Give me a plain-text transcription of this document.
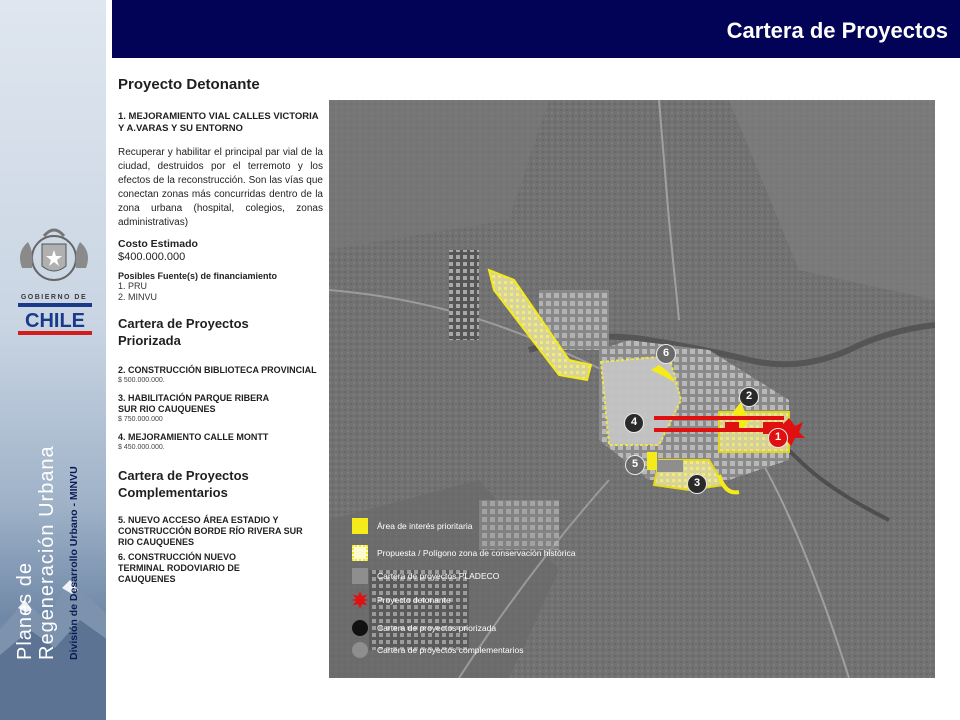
GOBIERNO DE
CHILE
Planes de Regeneración Urbana División de Desarrollo Urbano - MINVU
Cartera de Proyectos
Proyecto Detonante
1. MEJORAMIENTO VIAL CALLES VICTORIA Y A.VARAS Y SU ENTORNO
Recuperar y habilitar el principal par vial de la ciudad, destruidos por el terremoto y los efectos de la reconstrucción. Son las vías que conectan zonas más concurridas dentro de la zona urbana (hospital, colegios, zonas administrativas)
Costo Estimado
$400.000.000
Posibles Fuente(s) de financiamiento
1. PRU
2. MINVU
Cartera de Proyectos Priorizada
2. CONSTRUCCIÓN BIBLIOTECA PROVINCIAL
$ 500.000.000.
3. HABILITACIÓN PARQUE RIBERA SUR RIO CAUQUENES
$ 750.000.000
4. MEJORAMIENTO CALLE MONTT
$ 450.000.000.
Cartera de Proyectos Complementarios
5. NUEVO ACCESO ÁREA ESTADIO Y CONSTRUCCIÓN BORDE RÍO RIVERA SUR RIO CAUQUENES
6. CONSTRUCCIÓN NUEVO TERMINAL RODOVIARIO DE CAUQUENES
6
2
4
1
5
3
Área de interés prioritaria
Propuesta / Polígono zona de conservación histórica
Cartera de proyectos PLADECO
Proyecto detonante
Cartera de proyectos priorizada
Cartera de proyectos complementarios
